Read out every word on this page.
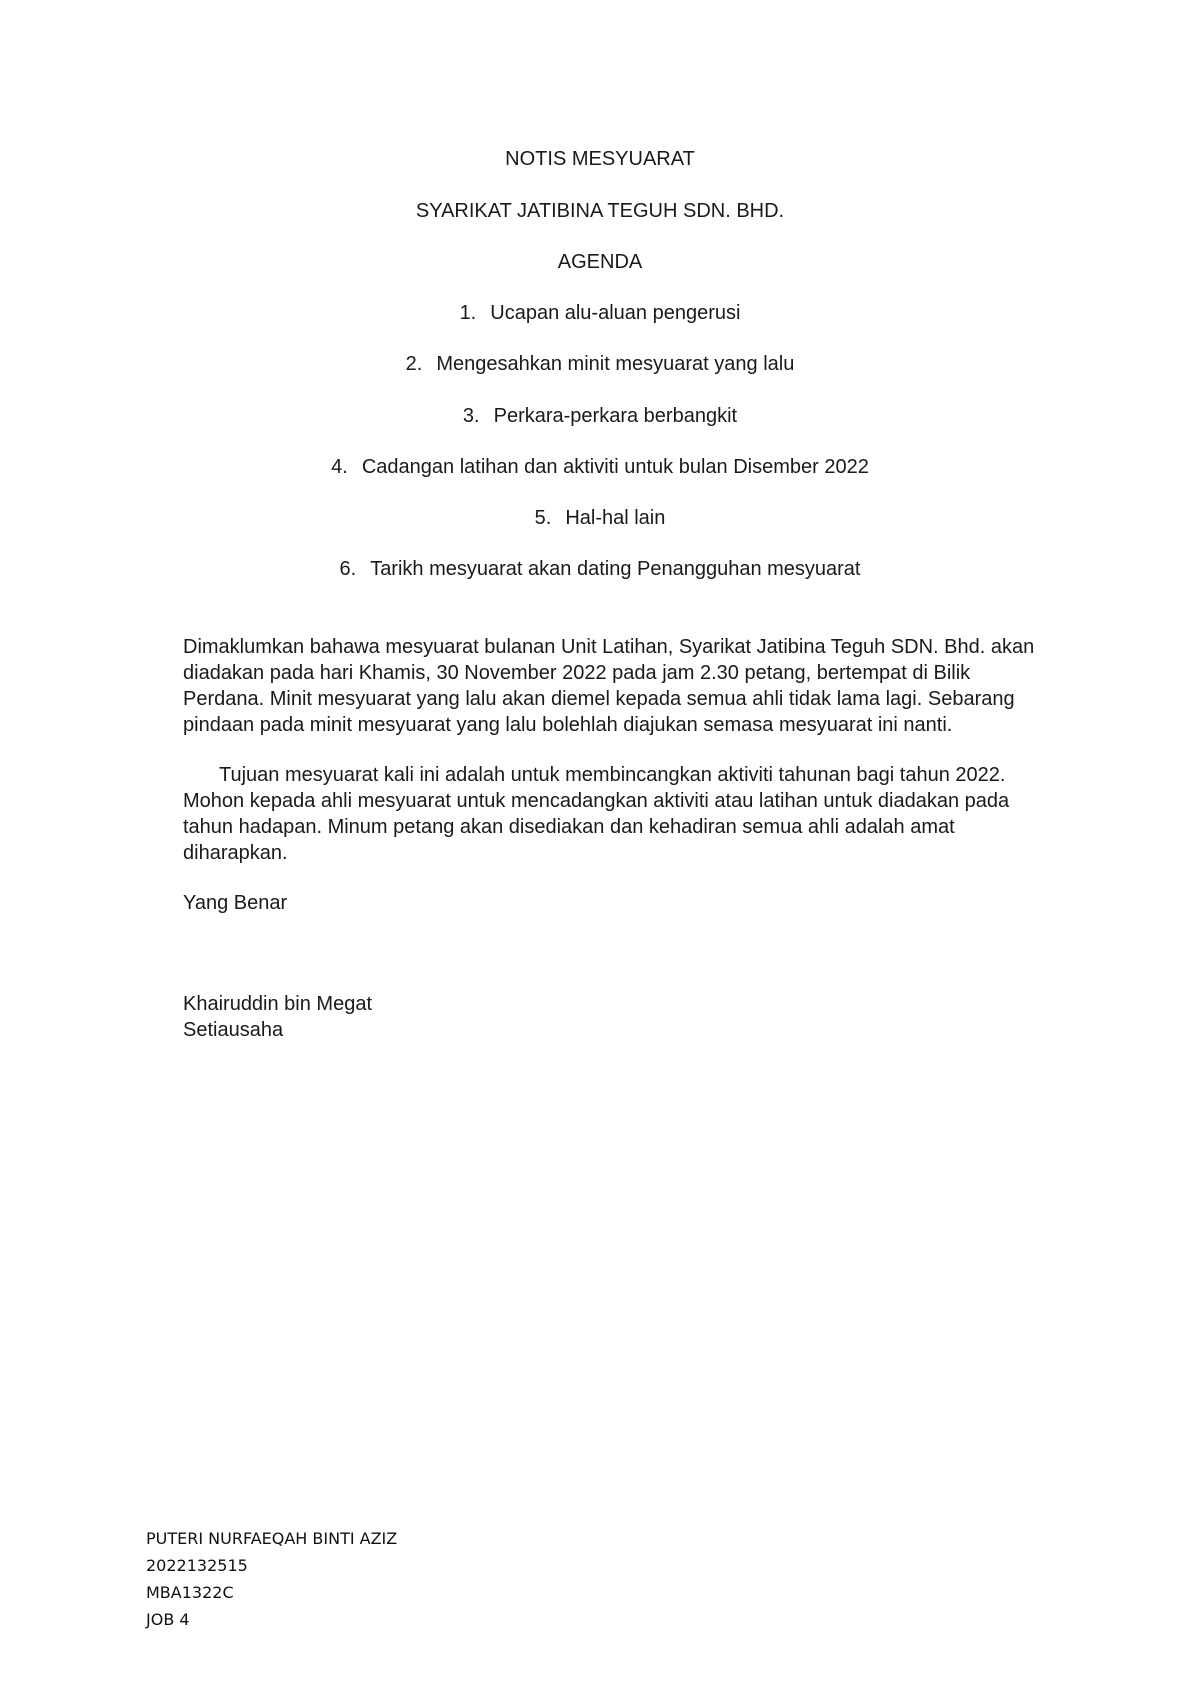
NOTIS MESYUARAT
SYARIKAT JATIBINA TEGUH SDN. BHD.
AGENDA
1. Ucapan alu-aluan pengerusi
2. Mengesahkan minit mesyuarat yang lalu
3. Perkara-perkara berbangkit
4. Cadangan latihan dan aktiviti untuk bulan Disember 2022
5. Hal-hal lain
6. Tarikh mesyuarat akan dating Penangguhan mesyuarat

Dimaklumkan bahawa mesyuarat bulanan Unit Latihan, Syarikat Jatibina Teguh SDN. Bhd. akan diadakan pada hari Khamis, 30 November 2022 pada jam 2.30 petang, bertempat di Bilik Perdana. Minit mesyuarat yang lalu akan diemel kepada semua ahli tidak lama lagi. Sebarang pindaan pada minit mesyuarat yang lalu bolehlah diajukan semasa mesyuarat ini nanti.

Tujuan mesyuarat kali ini adalah untuk membincangkan aktiviti tahunan bagi tahun 2022. Mohon kepada ahli mesyuarat untuk mencadangkan aktiviti atau latihan untuk diadakan pada tahun hadapan. Minum petang akan disediakan dan kehadiran semua ahli adalah amat diharapkan.

Yang Benar

Khairuddin bin Megat

Setiausaha

PUTERI NURFAEQAH BINTI AZIZ
2022132515
MBA1322C
JOB 4
